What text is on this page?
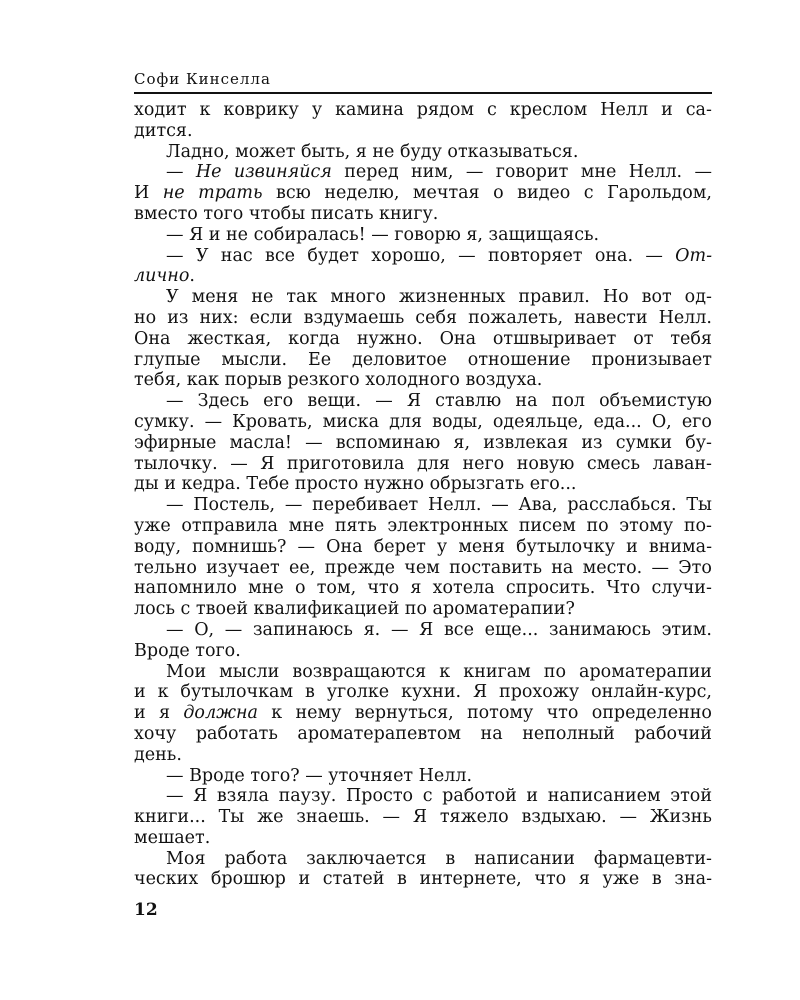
Софи Кинселла
ходит к коврику у камина рядом с креслом Нелл и са-
дится.
Ладно, может быть, я не буду отказываться.
— Не извиняйся перед ним, — говорит мне Нелл. —
И не трать всю неделю, мечтая о видео с Гарольдом,
вместо того чтобы писать книгу.
— Я и не собиралась! — говорю я, защищаясь.
— У нас все будет хорошо, — повторяет она. — От-
лично .
У меня не так много жизненных правил. Но вот од-
но из них: если вздумаешь себя пожалеть, навести Нелл.
Она жесткая, когда нужно. Она отшвыривает от тебя
глупые мысли. Ее деловитое отношение пронизывает
тебя, как порыв резкого холодного воздуха.
— Здесь его вещи. — Я ставлю на пол объемистую
сумку. — Кровать, миска для воды, одеяльце, еда... О, его
эфирные масла! — вспоминаю я, извлекая из сумки бу-
тылочку. — Я приготовила для него новую смесь лаван-
ды и кедра. Тебе просто нужно обрызгать его...
— Постель, — перебивает Нелл. — Ава, расслабься. Ты
уже отправила мне пять электронных писем по этому по-
воду, помнишь? — Она берет у меня бутылочку и внима-
тельно изучает ее, прежде чем поставить на место. — Это
напомнило мне о том, что я хотела спросить. Что случи-
лось с твоей квалификацией по ароматерапии?
— О, — запинаюсь я. — Я все еще... занимаюсь этим.
Вроде того.
Мои мысли возвращаются к книгам по ароматерапии
и к бутылочкам в уголке кухни. Я прохожу онлайн-курс,
и я должна к нему вернуться, потому что определенно
хочу работать ароматерапевтом на неполный рабочий
день.
— Вроде того? — уточняет Нелл.
— Я взяла паузу. Просто с работой и написанием этой
книги... Ты же знаешь. — Я тяжело вздыхаю. — Жизнь
мешает.
Моя работа заключается в написании фармацевти-
ческих брошюр и статей в интернете, что я уже в зна-
12
